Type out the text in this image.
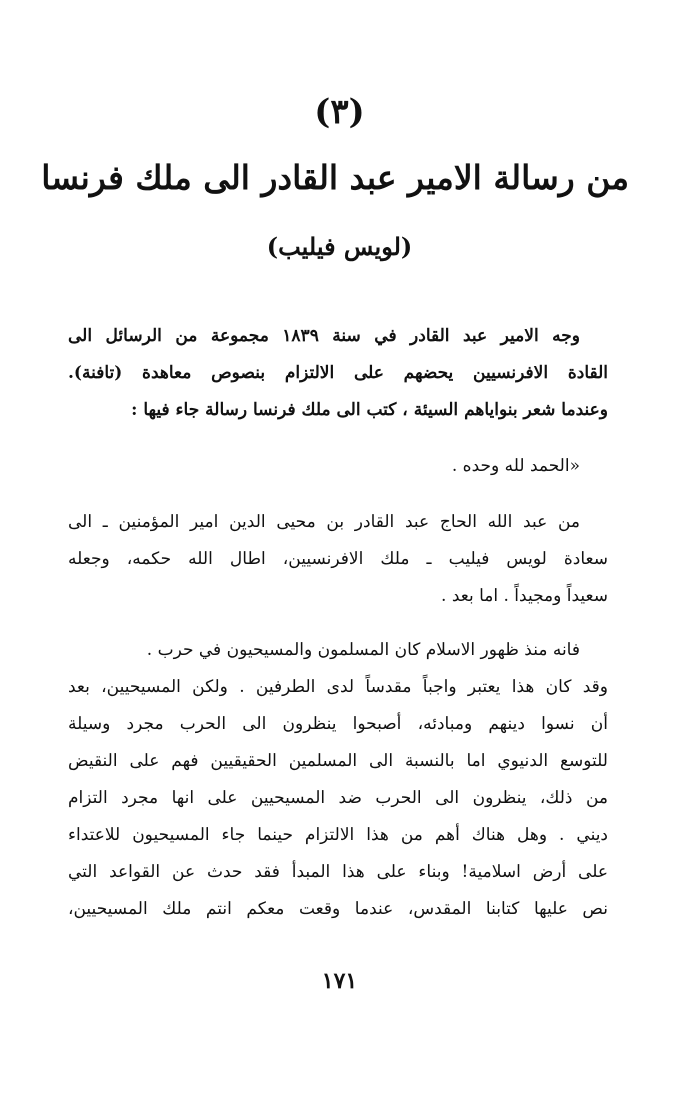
(٣)
من رسالة الامير عبد القادر الى ملك فرنسا
(لويس فيليب)
وجه الامير عبد القادر في سنة ١٨٣٩ مجموعة من الرسائل الى
القادة الافرنسيين يحضهم على الالتزام بنصوص معاهدة (تافنة).
وعندما شعر بنواياهم السيئة ، كتب الى ملك فرنسا رسالة جاء فيها :
«الحمد لله وحده .
من عبد الله الحاج عبد القادر بن محيى الدين امير المؤمنين ـ الى
سعادة لويس فيليب ـ ملك الافرنسيين، اطال الله حكمه، وجعله
سعيداً ومجيداً . اما بعد .
فانه منذ ظهور الاسلام كان المسلمون والمسيحيون في حرب .
وقد كان هذا يعتبر واجباً مقدساً لدى الطرفين . ولكن المسيحيين، بعد
أن نسوا دينهم ومبادئه، أصبحوا ينظرون الى الحرب مجرد وسيلة
للتوسع الدنيوي اما بالنسبة الى المسلمين الحقيقيين فهم على النقيض
من ذلك، ينظرون الى الحرب ضد المسيحيين على انها مجرد التزام
ديني . وهل هناك أهم من هذا الالتزام حينما جاء المسيحيون للاعتداء
على أرض اسلامية! وبناء على هذا المبدأ فقد حدث عن القواعد التي
نص عليها كتابنا المقدس، عندما وقعت معكم انتم ملك المسيحيين،
١٧١
